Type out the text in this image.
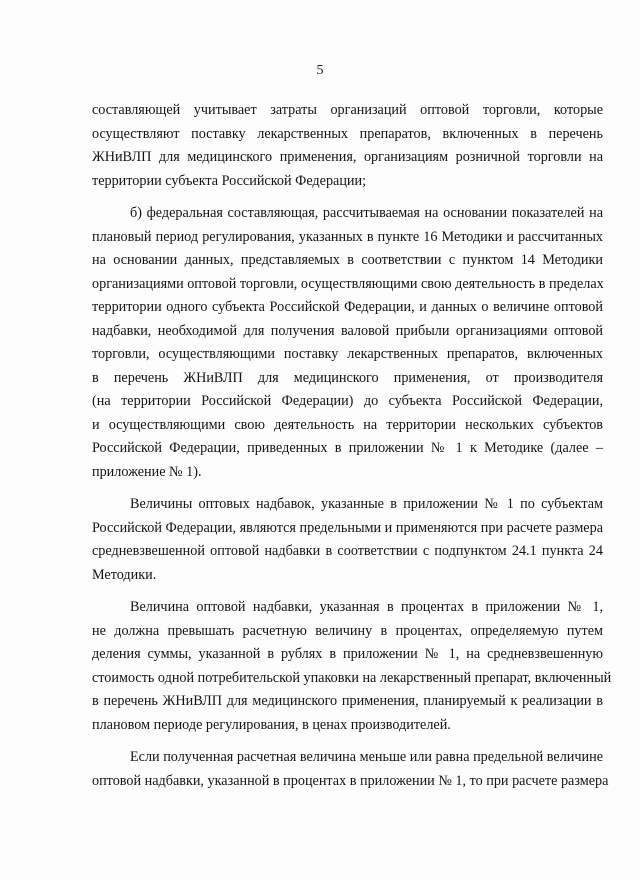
5
составляющей учитывает затраты организаций оптовой торговли, которые
осуществляют поставку лекарственных препаратов, включенных в перечень
ЖНиВЛП для медицинского применения, организациям розничной торговли на
территории субъекта Российской Федерации;
б) федеральная составляющая, рассчитываемая на основании показателей на
плановый период регулирования, указанных в пункте 16 Методики и рассчитанных
на основании данных, представляемых в соответствии с пунктом 14 Методики
организациями оптовой торговли, осуществляющими свою деятельность в пределах
территории одного субъекта Российской Федерации, и данных о величине оптовой
надбавки, необходимой для получения валовой прибыли организациями оптовой
торговли, осуществляющими поставку лекарственных препаратов, включенных
в перечень ЖНиВЛП для медицинского применения, от производителя
(на территории Российской Федерации) до субъекта Российской Федерации,
и осуществляющими свою деятельность на территории нескольких субъектов
Российской Федерации, приведенных в приложении № 1 к Методике (далее –
приложение № 1).
Величины оптовых надбавок, указанные в приложении № 1 по субъектам
Российской Федерации, являются предельными и применяются при расчете размера
средневзвешенной оптовой надбавки в соответствии с подпунктом 24.1 пункта 24
Методики.
Величина оптовой надбавки, указанная в процентах в приложении № 1,
не должна превышать расчетную величину в процентах, определяемую путем
деления суммы, указанной в рублях в приложении № 1, на средневзвешенную
стоимость одной потребительской упаковки на лекарственный препарат, включенный
в перечень ЖНиВЛП для медицинского применения, планируемый к реализации в
плановом периоде регулирования, в ценах производителей.
Если полученная расчетная величина меньше или равна предельной величине
оптовой надбавки, указанной в процентах в приложении № 1, то при расчете размера
